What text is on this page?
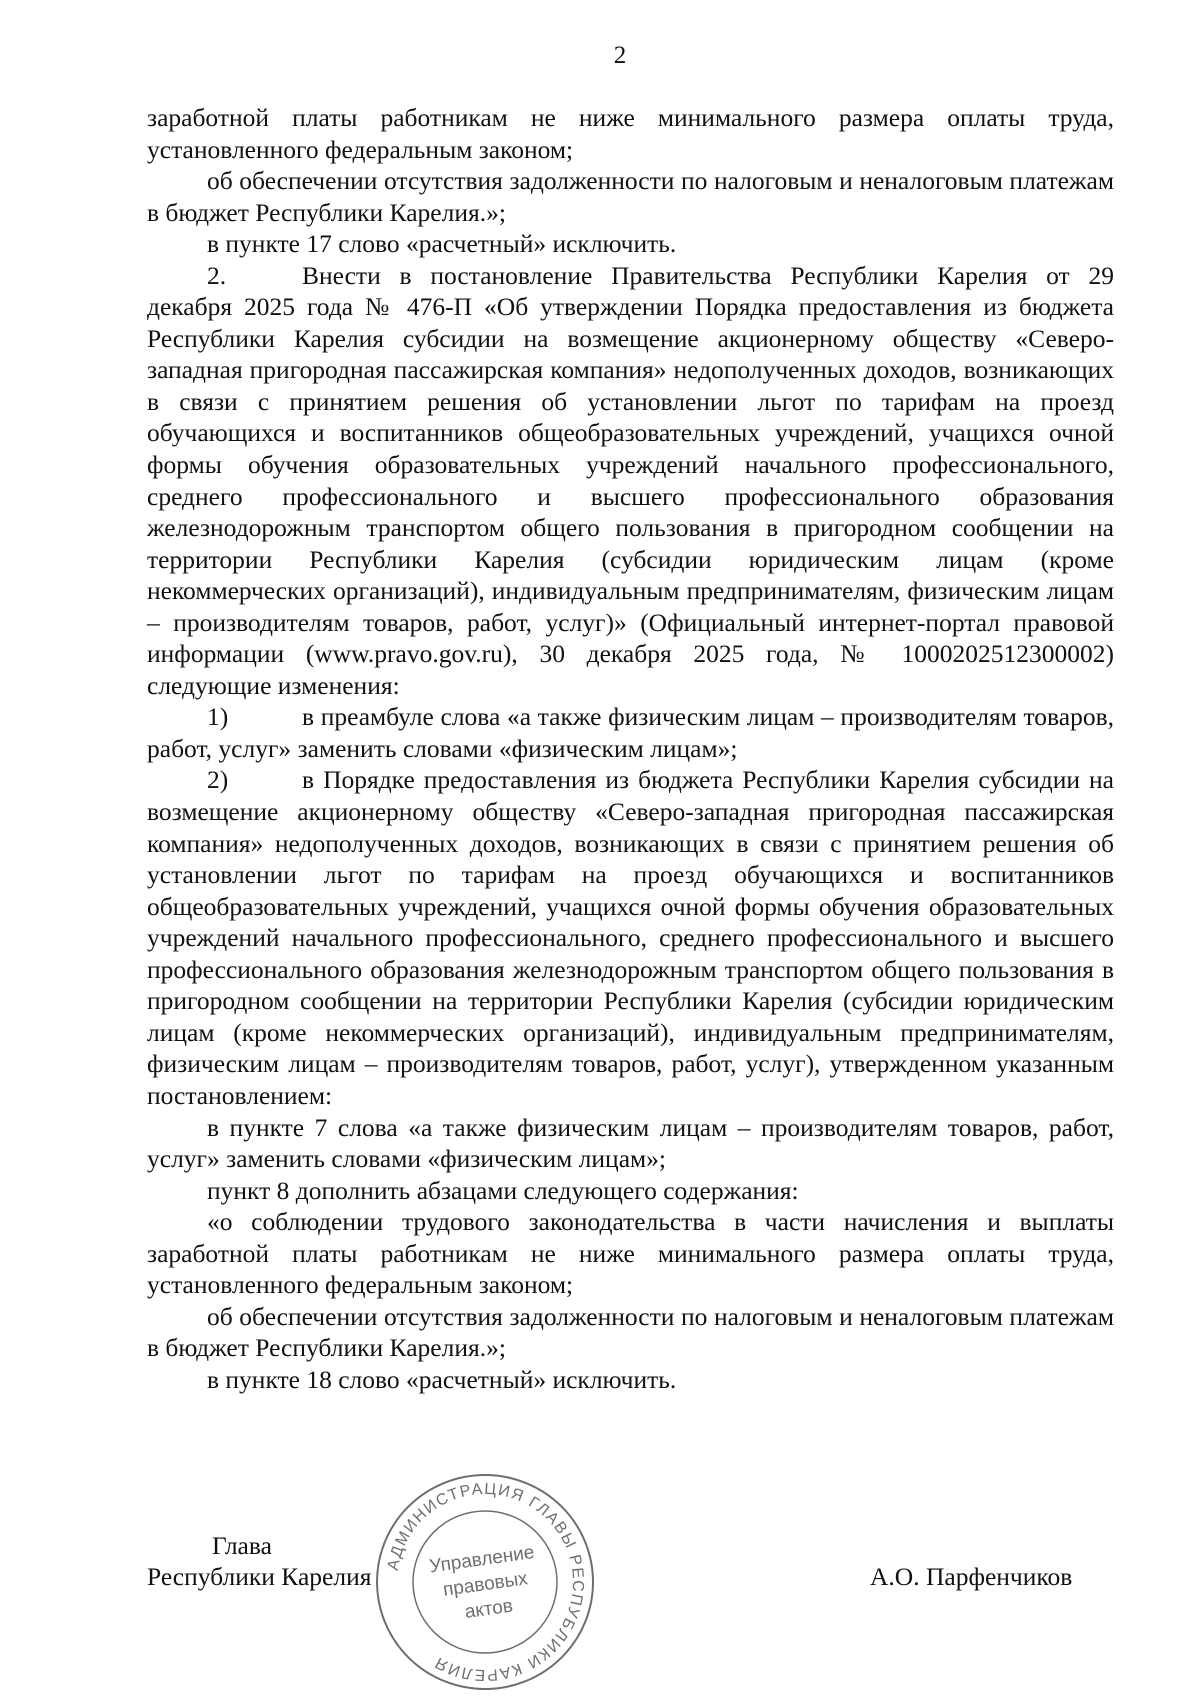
2

заработной платы работникам не ниже минимального размера оплаты труда, установленного федеральным законом;

об обеспечении отсутствия задолженности по налоговым и неналоговым платежам в бюджет Республики Карелия.»;

в пункте 17 слово «расчетный» исключить.

2.	Внести в постановление Правительства Республики Карелия от 29 декабря 2025 года № 476-П «Об утверждении Порядка предоставления из бюджета Республики Карелия субсидии на возмещение акционерному обществу «Северо-западная пригородная пассажирская компания» недополученных доходов, возникающих в связи с принятием решения об установлении льгот по тарифам на проезд обучающихся и воспитанников общеобразовательных учреждений, учащихся очной формы обучения образовательных учреждений начального профессионального, среднего профессионального и высшего профессионального образования железнодорожным транспортом общего пользования в пригородном сообщении на территории Республики Карелия (субсидии юридическим лицам (кроме некоммерческих организаций), индивидуальным предпринимателям, физическим лицам – производителям товаров, работ, услуг)» (Официальный интернет-портал правовой информации (www.pravo.gov.ru), 30 декабря 2025 года, № 1000202512300002) следующие изменения:

1)	в преамбуле слова «а также физическим лицам – производителям товаров, работ, услуг» заменить словами «физическим лицам»;

2)	в Порядке предоставления из бюджета Республики Карелия субсидии на возмещение акционерному обществу «Северо-западная пригородная пассажирская компания» недополученных доходов, возникающих в связи с принятием решения об установлении льгот по тарифам на проезд обучающихся и воспитанников общеобразовательных учреждений, учащихся очной формы обучения образовательных учреждений начального профессионального, среднего профессионального и высшего профессионального образования железнодорожным транспортом общего пользования в пригородном сообщении на территории Республики Карелия (субсидии юридическим лицам (кроме некоммерческих организаций), индивидуальным предпринимателям, физическим лицам – производителям товаров, работ, услуг), утвержденном указанным постановлением:

в пункте 7 слова «а также физическим лицам – производителям товаров, работ, услуг» заменить словами «физическим лицам»;

пункт 8 дополнить абзацами следующего содержания:

«о соблюдении трудового законодательства в части начисления и выплаты заработной платы работникам не ниже минимального размера оплаты труда, установленного федеральным законом;

об обеспечении отсутствия задолженности по налоговым и неналоговым платежам в бюджет Республики Карелия.»;

в пункте 18 слово «расчетный» исключить.

АДМИНИСТРАЦИЯ ГЛАВЫ РЕСПУБЛИКИ КАРЕЛИЯ
Управление
правовых
актов
Глава
Республики Карелия	А.О. Парфенчиков
